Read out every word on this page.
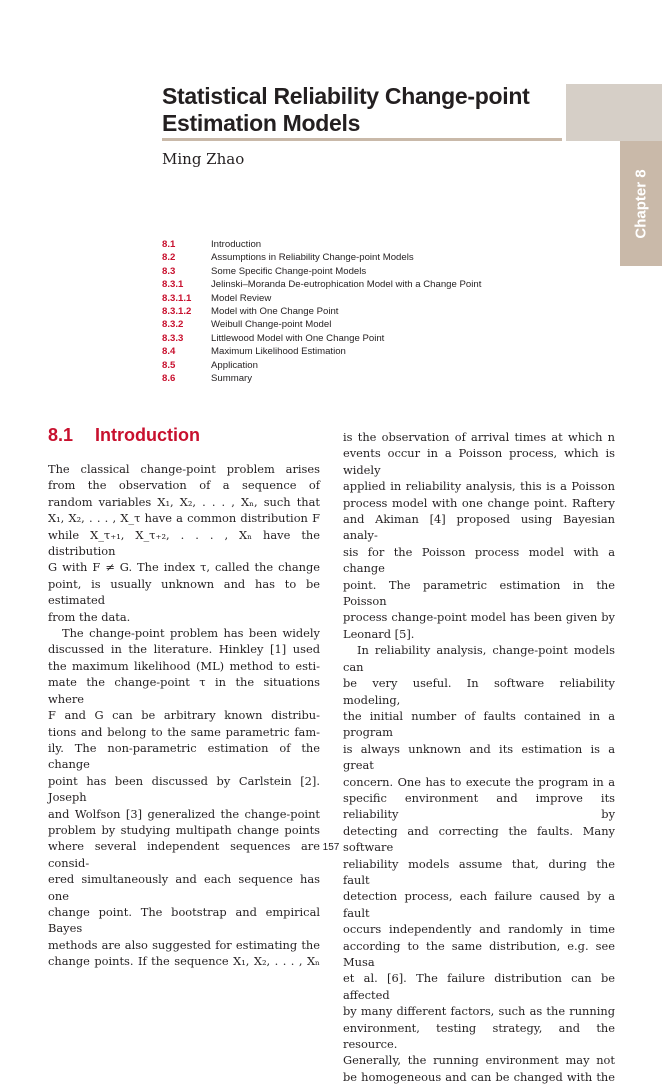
Statistical Reliability Change-point
Estimation Models
Chapter 8
Ming Zhao
8.1	Introduction
8.2	Assumptions in Reliability Change-point Models
8.3	Some Specific Change-point Models
8.3.1	Jelinski–Moranda De-eutrophication Model with a Change Point
8.3.1.1	Model Review
8.3.1.2	Model with One Change Point
8.3.2	Weibull Change-point Model
8.3.3	Littlewood Model with One Change Point
8.4	Maximum Likelihood Estimation
8.5	Application
8.6	Summary
8.1 Introduction
The classical change-point problem arises
from the observation of a sequence of
random variables X₁, X₂, . . . , Xₙ, such that
X₁, X₂, . . . , X_τ have a common distribution F
while X_τ₊₁, X_τ₊₂, . . . , Xₙ have the distribution
G with F ≠ G. The index τ, called the change
point, is usually unknown and has to be estimated
from the data.
The change-point problem has been widely
discussed in the literature. Hinkley [1] used
the maximum likelihood (ML) method to esti-
mate the change-point τ in the situations where
F and G can be arbitrary known distribu-
tions and belong to the same parametric fam-
ily. The non-parametric estimation of the change
point has been discussed by Carlstein [2]. Joseph
and Wolfson [3] generalized the change-point
problem by studying multipath change points
where several independent sequences are consid-
ered simultaneously and each sequence has one
change point. The bootstrap and empirical Bayes
methods are also suggested for estimating the
change points. If the sequence X₁, X₂, . . . , Xₙ
is the observation of arrival times at which n
events occur in a Poisson process, which is widely
applied in reliability analysis, this is a Poisson
process model with one change point. Raftery
and Akiman [4] proposed using Bayesian analy-
sis for the Poisson process model with a change
point. The parametric estimation in the Poisson
process change-point model has been given by
Leonard [5].
In reliability analysis, change-point models can
be very useful. In software reliability modeling,
the initial number of faults contained in a program
is always unknown and its estimation is a great
concern. One has to execute the program in a
specific environment and improve its reliability by
detecting and correcting the faults. Many software
reliability models assume that, during the fault
detection process, each failure caused by a fault
occurs independently and randomly in time
according to the same distribution, e.g. see Musa
et al. [6]. The failure distribution can be affected
by many different factors, such as the running
environment, testing strategy, and the resource.
Generally, the running environment may not
be homogeneous and can be changed with the
157
